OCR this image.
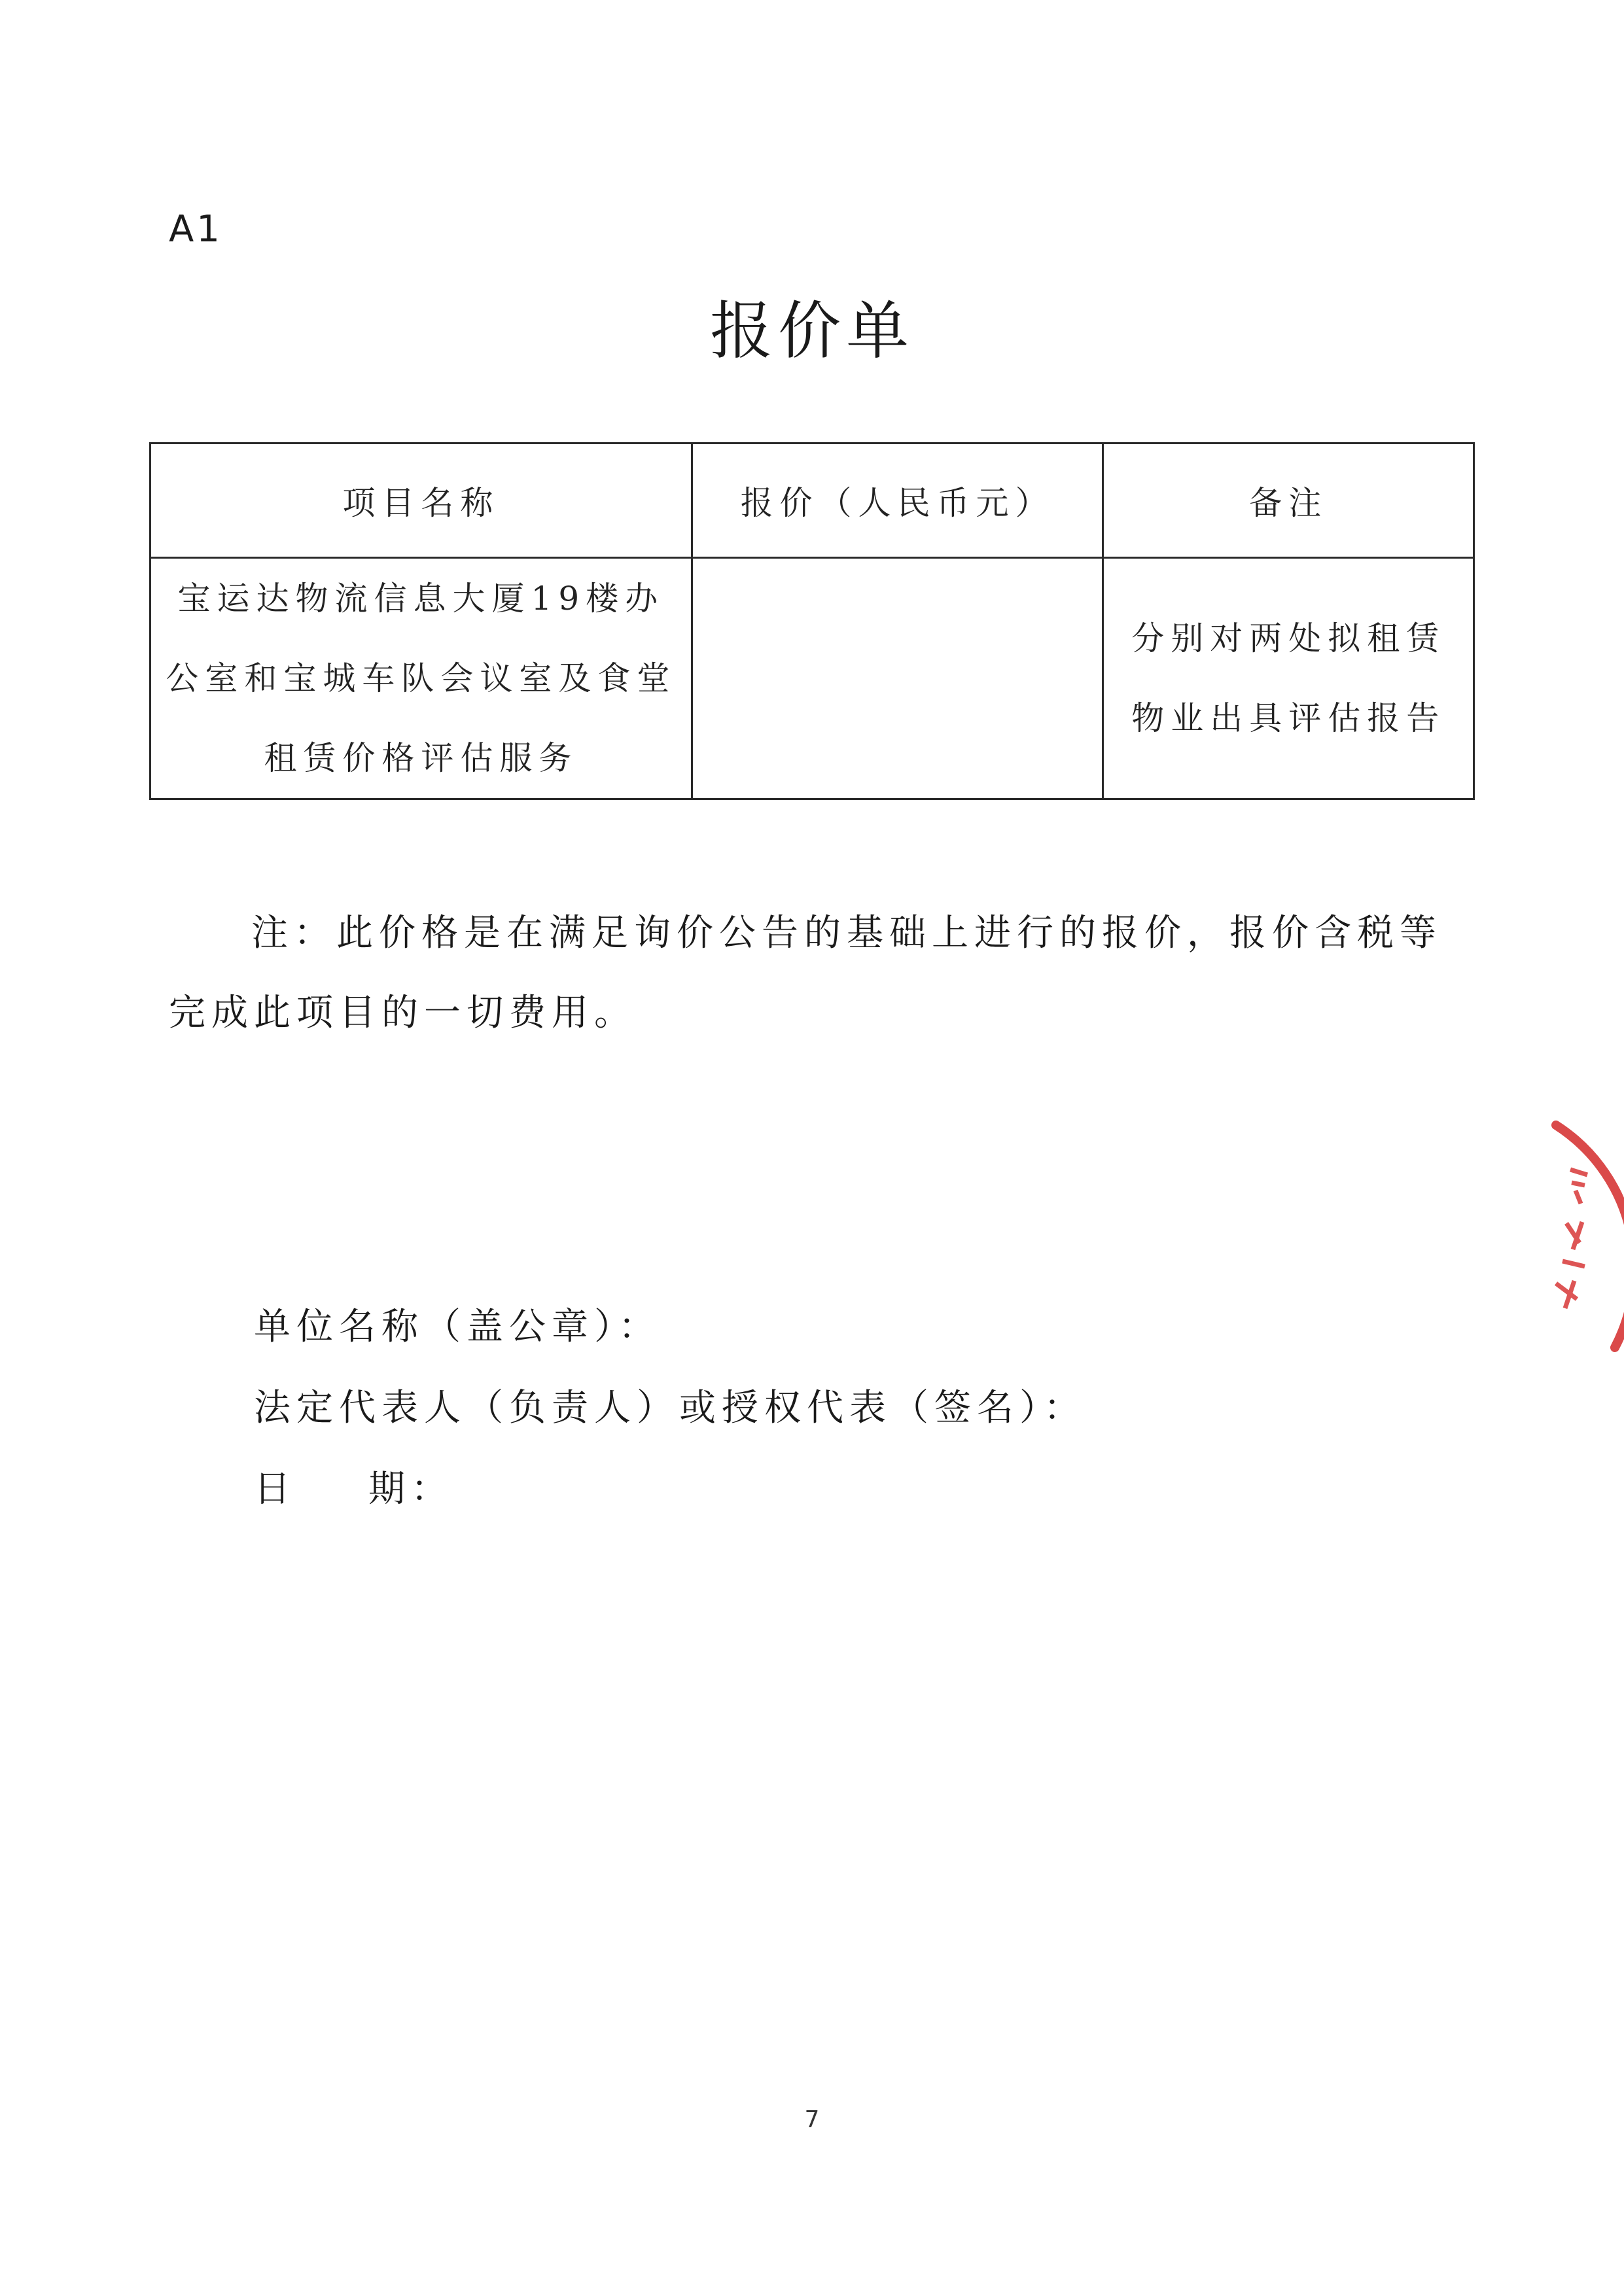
A1
报价单
项目名称	报价（人民币元）	备注
宝运达物流信息大厦19楼办公室和宝城车队会议室及食堂租赁价格评估服务		分别对两处拟租赁物业出具评估报告
注：此价格是在满足询价公告的基础上进行的报价，报价含税等完成此项目的一切费用。
单位名称（盖公章）：
法定代表人（负责人）或授权代表（签名）：
日 期：
7
